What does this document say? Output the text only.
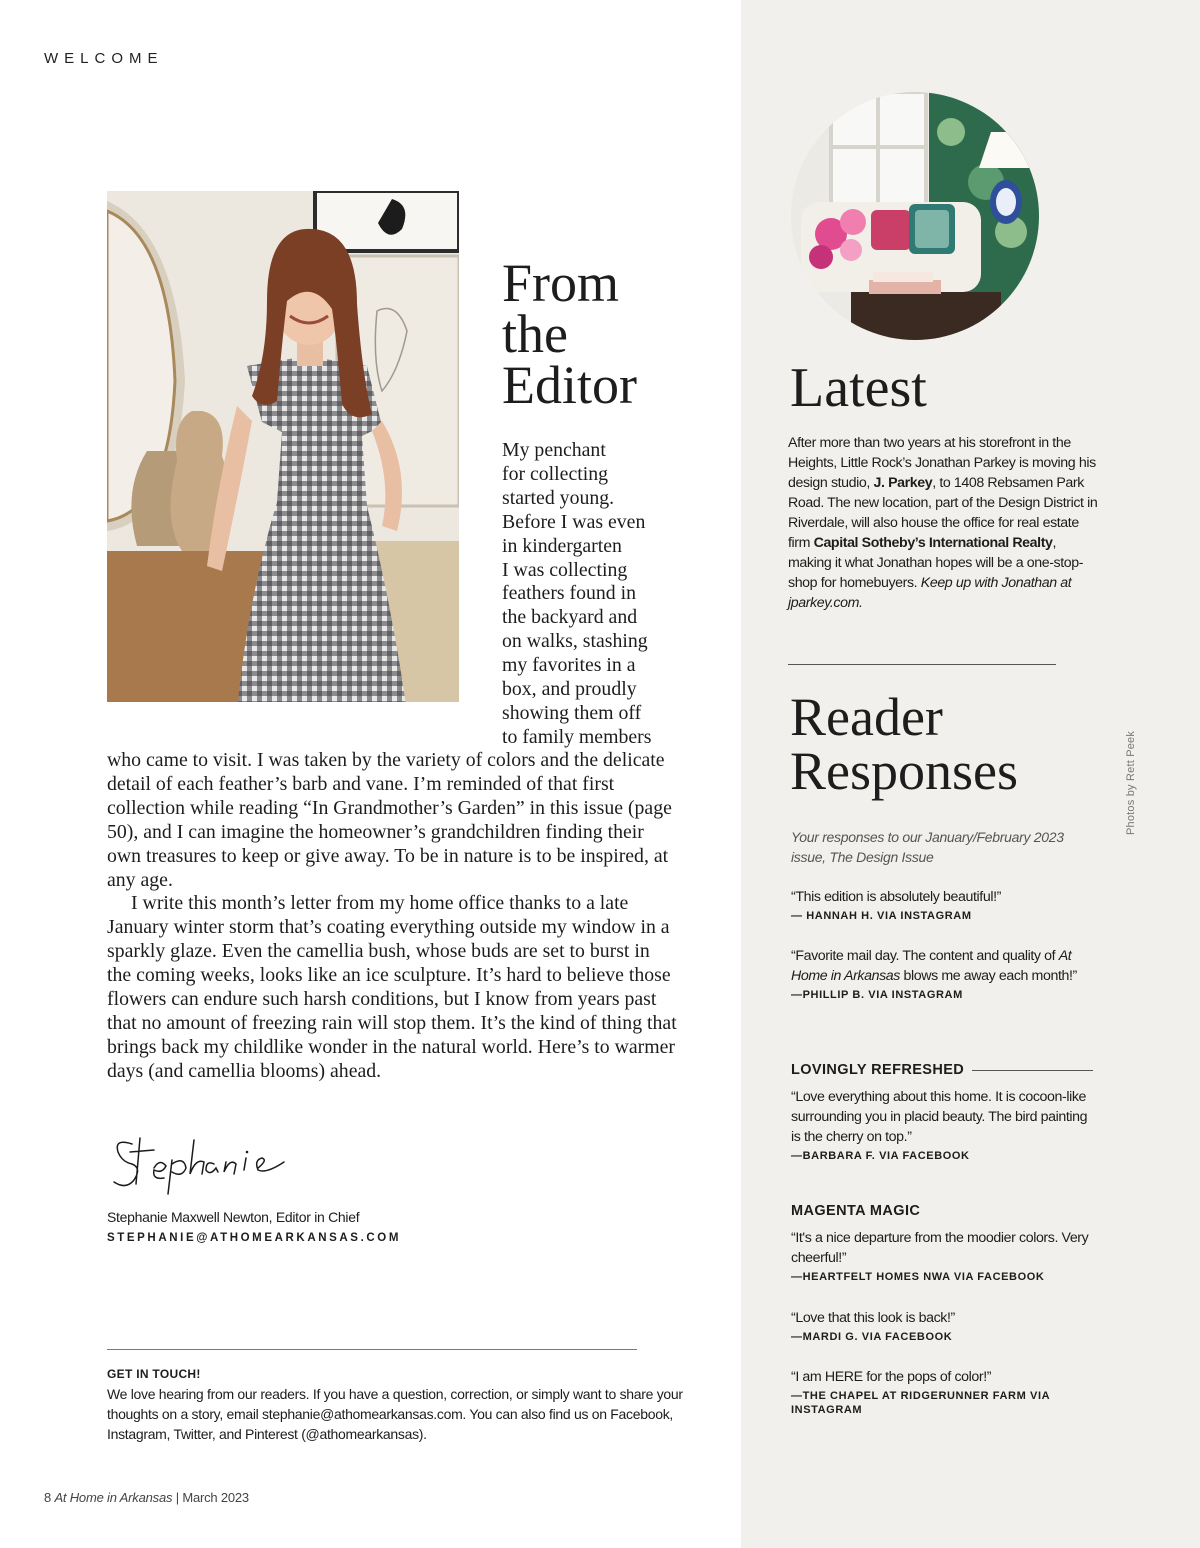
WELCOME
From
the
Editor
My penchant
for collecting
started young.
Before I was even
in kindergarten
I was collecting
feathers found in
the backyard and
on walks, stashing
my favorites in a
box, and proudly
showing them off
to family members

who came to visit. I was taken by the variety of colors and the delicate detail of each feather’s barb and vane. I’m reminded of that first collection while reading “In Grandmother’s Garden” in this issue (page 50), and I can imagine the homeowner’s grandchildren finding their own treasures to keep or give away. To be in nature is to be inspired, at any age.

I write this month’s letter from my home office thanks to a late January winter storm that’s coating everything outside my window in a sparkly glaze. Even the camellia bush, whose buds are set to burst in the coming weeks, looks like an ice sculpture. It’s hard to believe those flowers can endure such harsh conditions, but I know from years past that no amount of freezing rain will stop them. It’s the kind of thing that brings back my childlike wonder in the natural world. Here’s to warmer days (and camellia blooms) ahead.

Stephanie Maxwell Newton, Editor in Chief
STEPHANIE@ATHOMEARKANSAS.COM
GET IN TOUCH!

We love hearing from our readers. If you have a question, correction, or simply want to share your thoughts on a story, email stephanie@athomearkansas.com. You can also find us on Facebook, Instagram, Twitter, and Pinterest (@athomearkansas).

8 At Home in Arkansas | March 2023
Latest

After more than two years at his storefront in the Heights, Little Rock’s Jonathan Parkey is moving his design studio, J. Parkey, to 1408 Rebsamen Park Road. The new location, part of the Design District in Riverdale, will also house the office for real estate firm Capital Sotheby’s International Realty, making it what Jonathan hopes will be a one-stop-shop for homebuyers. Keep up with Jonathan at jparkey.com.

Reader
Responses

Your responses to our January/February 2023 issue, The Design Issue

“This edition is absolutely beautiful!”

— HANNAH H. VIA INSTAGRAM

“Favorite mail day. The content and quality of At Home in Arkansas blows me away each month!”

—PHILLIP B. VIA INSTAGRAM

LOVINGLY REFRESHED

“Love everything about this home. It is cocoon-like surrounding you in placid beauty. The bird painting is the cherry on top.”

—BARBARA F. VIA FACEBOOK

MAGENTA MAGIC

“It's a nice departure from the moodier colors. Very cheerful!”

—HEARTFELT HOMES NWA VIA FACEBOOK

“Love that this look is back!”

—MARDI G. VIA FACEBOOK

“I am HERE for the pops of color!”

—THE CHAPEL AT RIDGERUNNER FARM VIA INSTAGRAM

Photos by Rett Peek
